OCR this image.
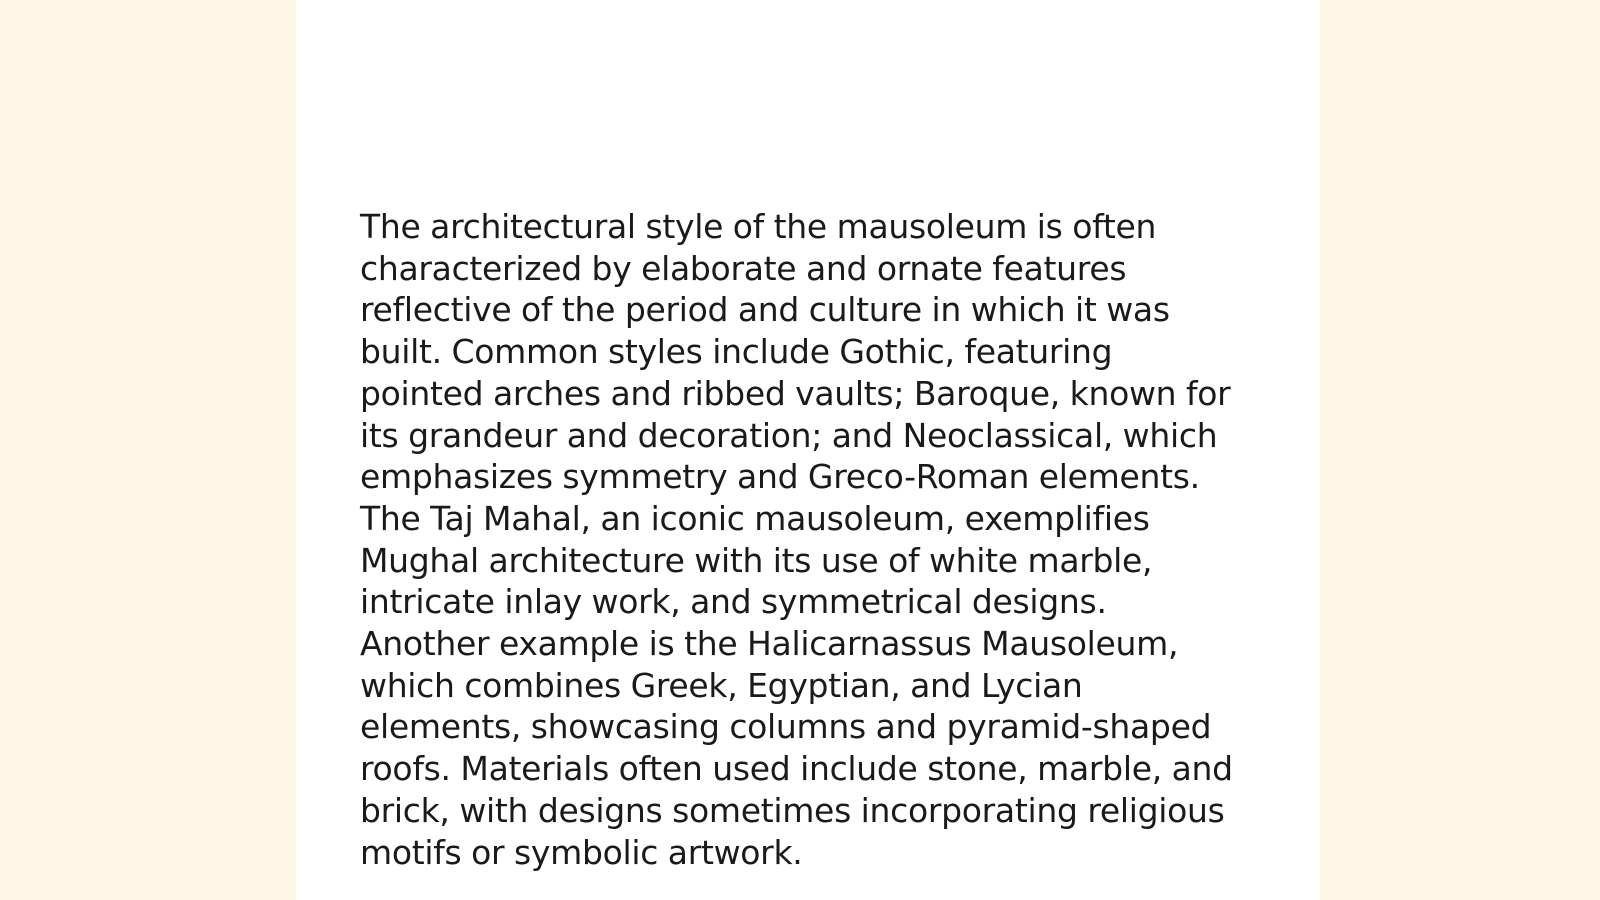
The architectural style of the mausoleum is often
characterized by elaborate and ornate features
reflective of the period and culture in which it was
built. Common styles include Gothic, featuring
pointed arches and ribbed vaults; Baroque, known for
its grandeur and decoration; and Neoclassical, which
emphasizes symmetry and Greco-Roman elements.
The Taj Mahal, an iconic mausoleum, exemplifies
Mughal architecture with its use of white marble,
intricate inlay work, and symmetrical designs.
Another example is the Halicarnassus Mausoleum,
which combines Greek, Egyptian, and Lycian
elements, showcasing columns and pyramid-shaped
roofs. Materials often used include stone, marble, and
brick, with designs sometimes incorporating religious
motifs or symbolic artwork.
